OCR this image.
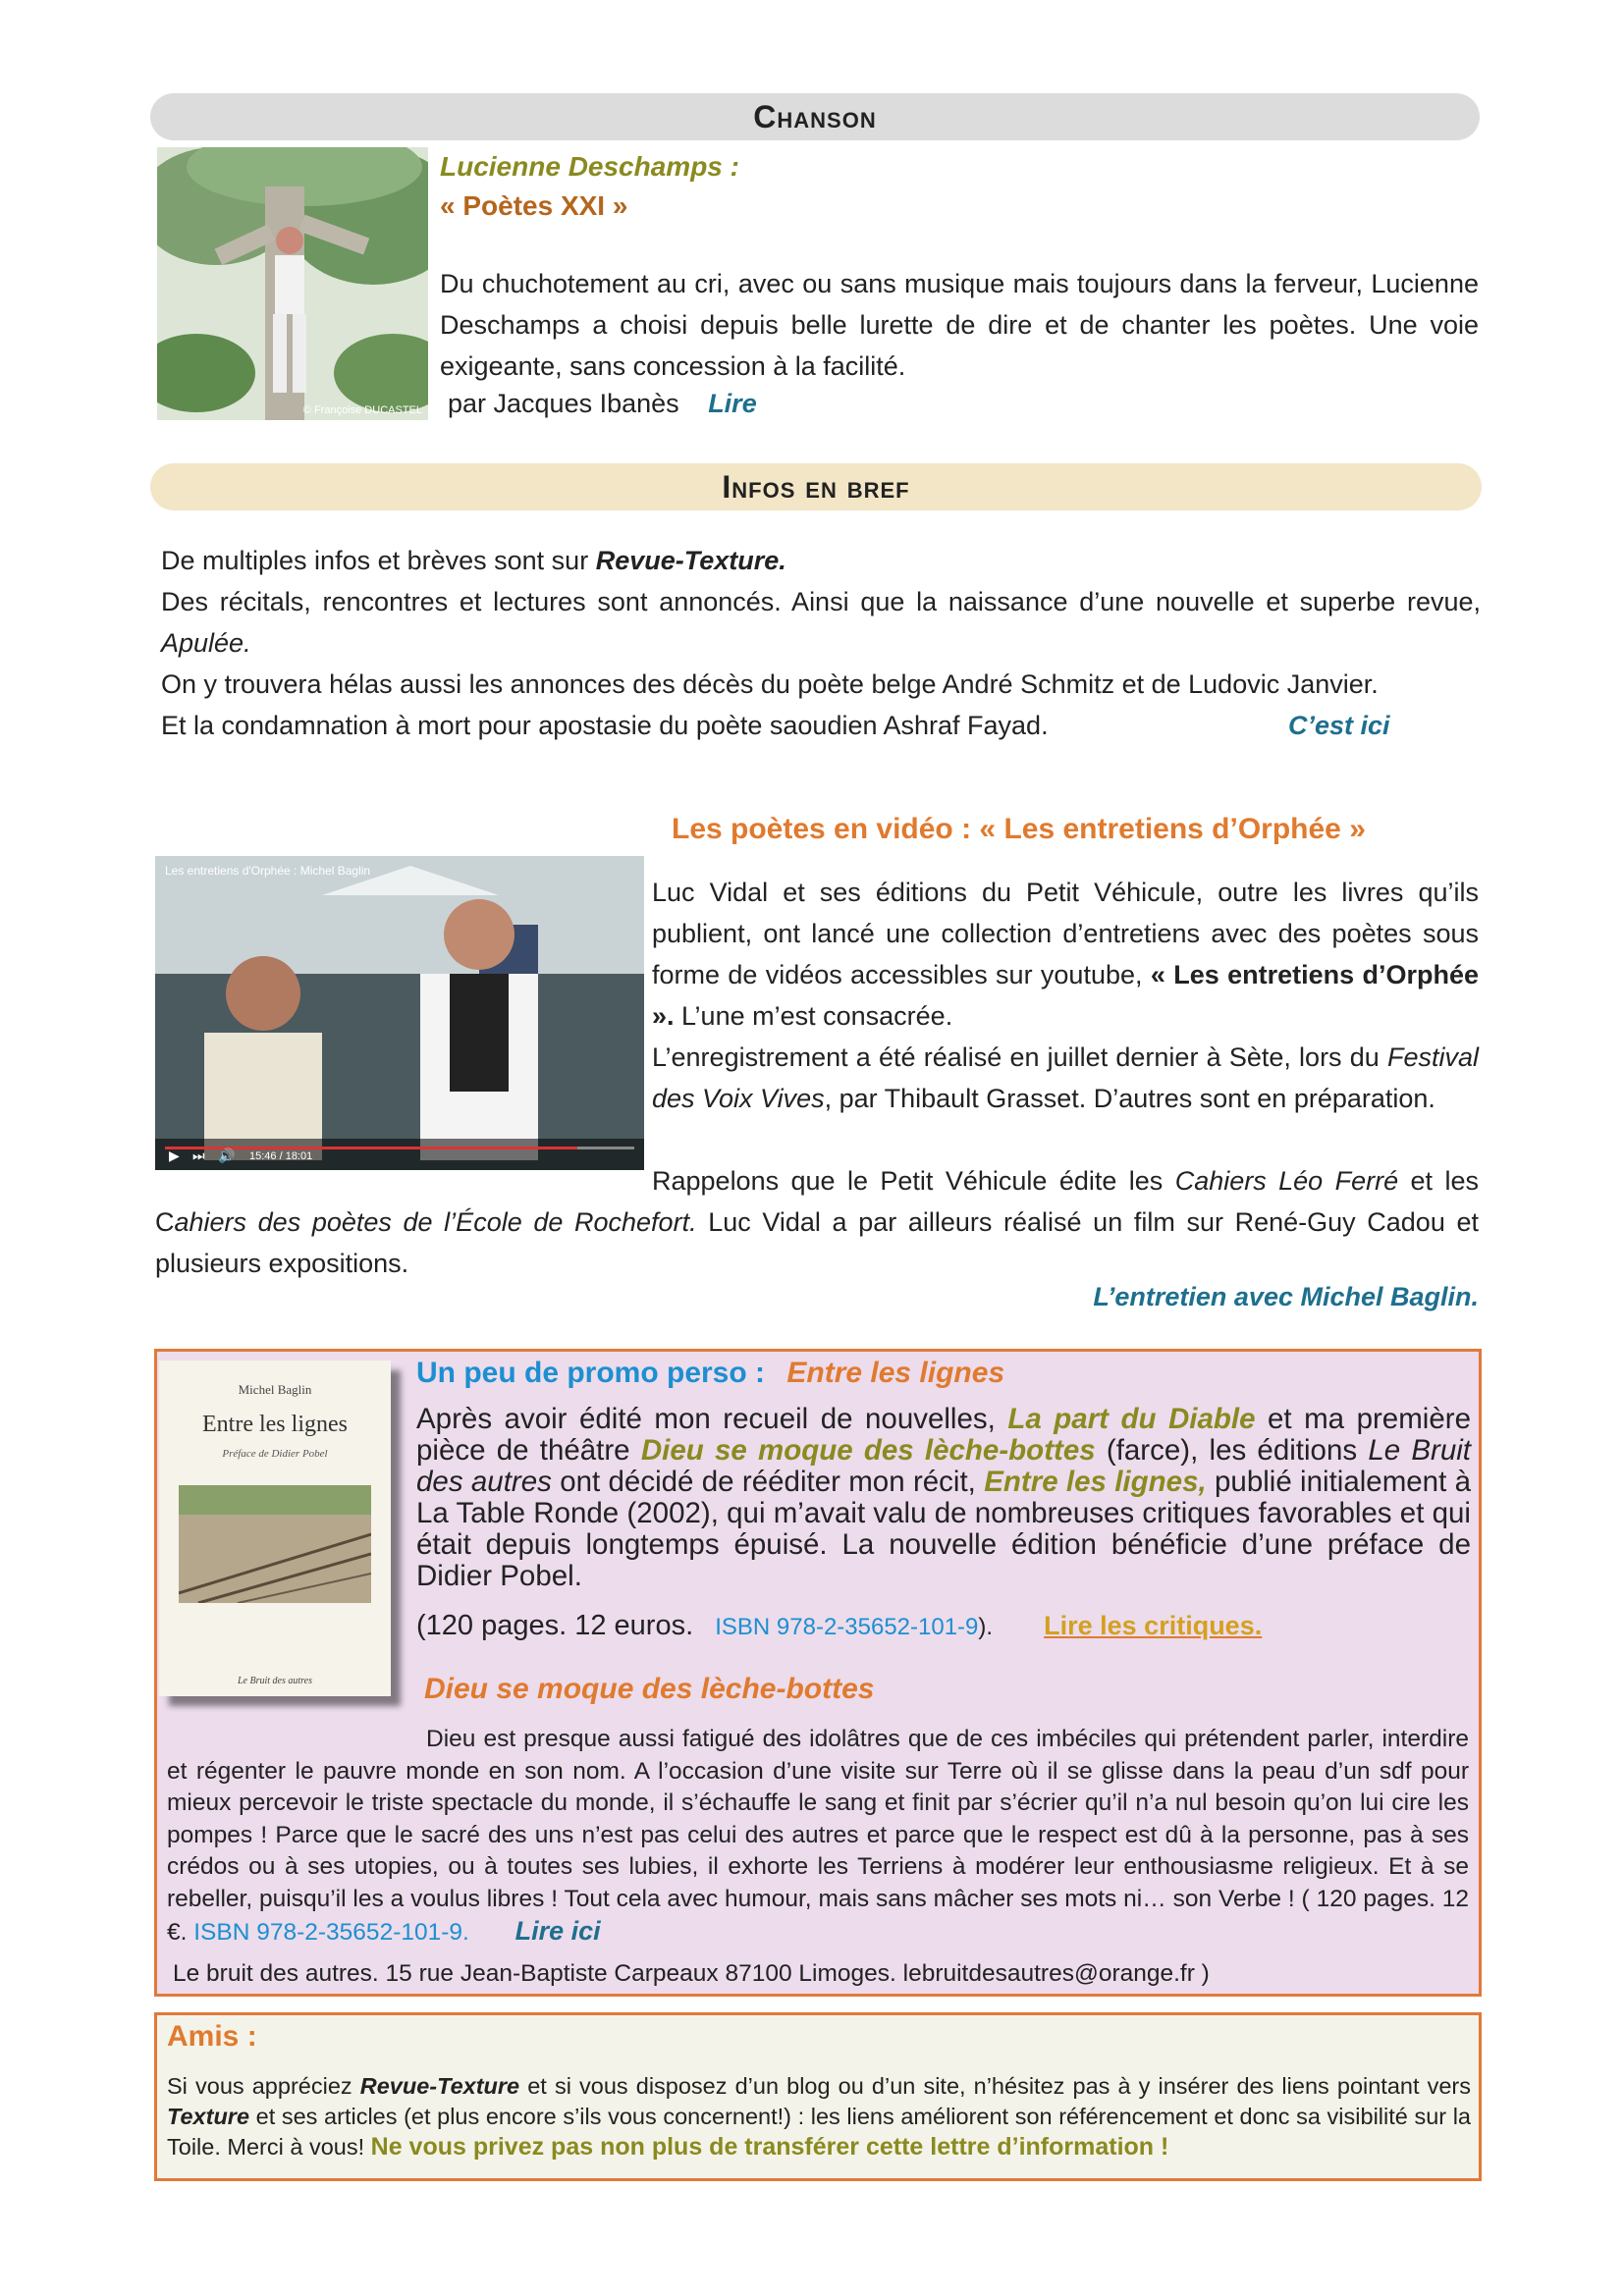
Chanson
© Françoise DUCASTEL
Lucienne Deschamps :
« Poètes XXI »

Du chuchotement au cri, avec ou sans musique mais toujours dans la ferveur, Lucienne Deschamps a choisi depuis belle lurette de dire et de chanter les poètes. Une voie exigeante, sans concession à la facilité.

par Jacques Ibanès Lire
Infos en bref

De multiples infos et brèves sont sur Revue-Texture.

Des récitals, rencontres et lectures sont annoncés. Ainsi que la naissance d’une nouvelle et superbe revue, Apulée.

On y trouvera hélas aussi les annonces des décès du poète belge André Schmitz et de Ludovic Janvier.

Et la condamnation à mort pour apostasie du poète saoudien Ashraf Fayad.	C’est ici
Les poètes en vidéo : « Les entretiens d’Orphée »
Les entretiens d'Orphée : Michel Baglin
▶ ⏭ 🔊 15:46 / 18:01
Luc Vidal et ses éditions du Petit Véhicule, outre les livres qu’ils publient, ont lancé une collection d’entretiens avec des poètes sous forme de vidéos accessibles sur youtube, « Les entretiens d’Orphée ». L’une m’est consacrée.
L’enregistrement a été réalisé en juillet dernier à Sète, lors du Festival des Voix Vives, par Thibault Grasset. D’autres sont en préparation.
Rappelons que le Petit Véhicule édite les Cahiers Léo Ferré et les Cahiers des poètes de l’École de Rochefort. Luc Vidal a par ailleurs réalisé un film sur René-Guy Cadou et plusieurs expositions.
L’entretien avec Michel Baglin.
Michel Baglin
Entre les lignes
Préface de Didier Pobel
Le Bruit des autres
Un peu de promo perso : Entre les lignes
Après avoir édité mon recueil de nouvelles, La part du Diable et ma première pièce de théâtre Dieu se moque des lèche-bottes (farce), les éditions Le Bruit des autres ont décidé de rééditer mon récit, Entre les lignes, publié initialement à La Table Ronde (2002), qui m’avait valu de nombreuses critiques favorables et qui était depuis longtemps épuisé. La nouvelle édition bénéficie d’une préface de Didier Pobel.
(120 pages. 12 euros. ISBN 978-2-35652-101-9). Lire les critiques.
Dieu se moque des lèche-bottes
Dieu est presque aussi fatigué des idolâtres que de ces imbéciles qui prétendent parler, interdire et régenter le pauvre monde en son nom. A l’occasion d’une visite sur Terre où il se glisse dans la peau d’un sdf pour mieux percevoir le triste spectacle du monde, il s’échauffe le sang et finit par s’écrier qu’il n’a nul besoin qu’on lui cire les pompes ! Parce que le sacré des uns n’est pas celui des autres et parce que le respect est dû à la personne, pas à ses crédos ou à ses utopies, ou à toutes ses lubies, il exhorte les Terriens à modérer leur enthousiasme religieux. Et à se rebeller, puisqu’il les a voulus libres ! Tout cela avec humour, mais sans mâcher ses mots ni… son Verbe ! ( 120 pages. 12 €. ISBN 978-2-35652-101-9. Lire ici
Le bruit des autres. 15 rue Jean-Baptiste Carpeaux 87100 Limoges. lebruitdesautres@orange.fr )
Amis :
Si vous appréciez Revue-Texture et si vous disposez d’un blog ou d’un site, n’hésitez pas à y insérer des liens pointant vers Texture et ses articles (et plus encore s’ils vous concernent!) : les liens améliorent son référencement et donc sa visibilité sur la Toile. Merci à vous! Ne vous privez pas non plus de transférer cette lettre d’information !
